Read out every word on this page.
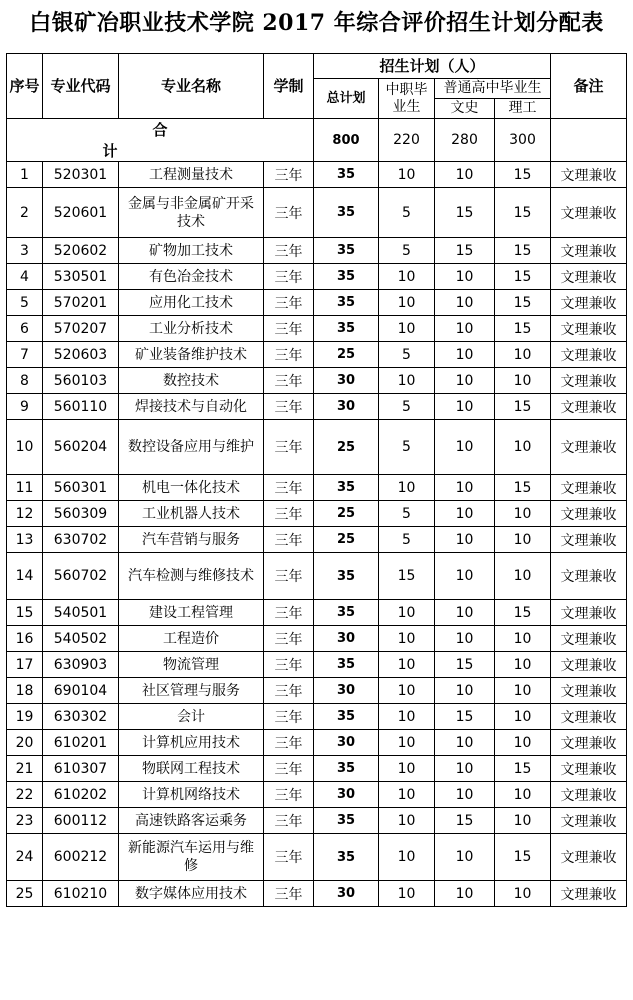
白银矿冶职业技术学院 2017 年综合评价招生计划分配表
序号	专业代码	专业名称	学制	招生计划（人）				备注
				总计划	中职毕业生	普通高中毕业生		
						文史	理工	
合计				800	220	280	300	
1	520301	工程测量技术	三年	35	10	10	15	文理兼收
2	520601	金属与非金属矿开采技术	三年	35	5	15	15	文理兼收
3	520602	矿物加工技术	三年	35	5	15	15	文理兼收
4	530501	有色冶金技术	三年	35	10	10	15	文理兼收
5	570201	应用化工技术	三年	35	10	10	15	文理兼收
6	570207	工业分析技术	三年	35	10	10	15	文理兼收
7	520603	矿业装备维护技术	三年	25	5	10	10	文理兼收
8	560103	数控技术	三年	30	10	10	10	文理兼收
9	560110	焊接技术与自动化	三年	30	5	10	15	文理兼收
10	560204	数控设备应用与维护	三年	25	5	10	10	文理兼收
11	560301	机电一体化技术	三年	35	10	10	15	文理兼收
12	560309	工业机器人技术	三年	25	5	10	10	文理兼收
13	630702	汽车营销与服务	三年	25	5	10	10	文理兼收
14	560702	汽车检测与维修技术	三年	35	15	10	10	文理兼收
15	540501	建设工程管理	三年	35	10	10	15	文理兼收
16	540502	工程造价	三年	30	10	10	10	文理兼收
17	630903	物流管理	三年	35	10	15	10	文理兼收
18	690104	社区管理与服务	三年	30	10	10	10	文理兼收
19	630302	会计	三年	35	10	15	10	文理兼收
20	610201	计算机应用技术	三年	30	10	10	10	文理兼收
21	610307	物联网工程技术	三年	35	10	10	15	文理兼收
22	610202	计算机网络技术	三年	30	10	10	10	文理兼收
23	600112	高速铁路客运乘务	三年	35	10	15	10	文理兼收
24	600212	新能源汽车运用与维修	三年	35	10	10	15	文理兼收
25	610210	数字媒体应用技术	三年	30	10	10	10	文理兼收
